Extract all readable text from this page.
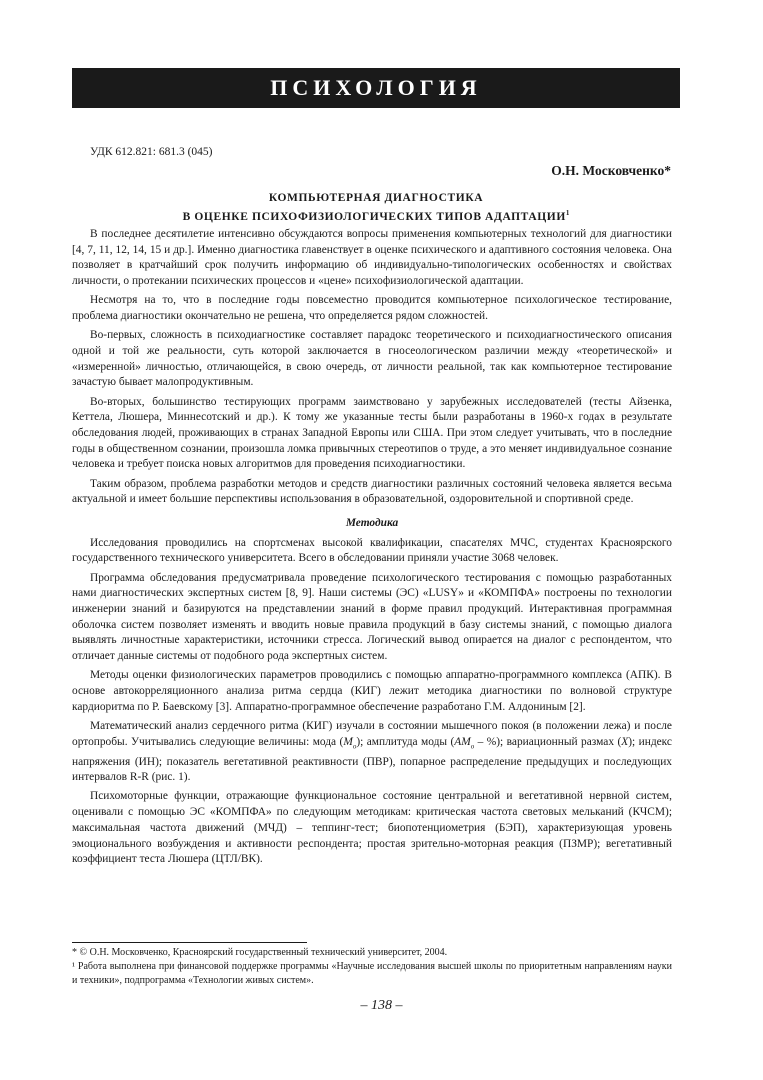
ПСИХОЛОГИЯ
УДК 612.821: 681.3 (045)
О.Н. Московченко*
КОМПЬЮТЕРНАЯ ДИАГНОСТИКА
В ОЦЕНКЕ ПСИХОФИЗИОЛОГИЧЕСКИХ ТИПОВ АДАПТАЦИИ$^1$

В последнее десятилетие интенсивно обсуждаются вопросы применения компьютерных технологий для диагностики [4, 7, 11, 12, 14, 15 и др.]. Именно диагностика главенствует в оценке психического и адаптивного состояния человека. Она позволяет в кратчайший срок получить информацию об индивидуально-типологических особенностях и свойствах личности, о протекании психических процессов и «цене» психофизиологической адаптации.

Несмотря на то, что в последние годы повсеместно проводится компьютерное психологическое тестирование, проблема диагностики окончательно не решена, что определяется рядом сложностей.

Во-первых, сложность в психодиагностике составляет парадокс теоретического и психодиагностического описания одной и той же реальности, суть которой заключается в гносеологическом различии между «теоретической» и «измеренной» личностью, отличающейся, в свою очередь, от личности реальной, так как компьютерное тестирование зачастую бывает малопродуктивным.

Во-вторых, большинство тестирующих программ заимствовано у зарубежных исследователей (тесты Айзенка, Кеттела, Люшера, Миннесотский и др.). К тому же указанные тесты были разработаны в 1960-х годах в результате обследования людей, проживающих в странах Западной Европы или США. При этом следует учитывать, что в последние годы в общественном сознании, произошла ломка привычных стереотипов о труде, а это меняет индивидуальное сознание человека и требует поиска новых алгоритмов для проведения психодиагностики.

Таким образом, проблема разработки методов и средств диагностики различных состояний человека является весьма актуальной и имеет большие перспективы использования в образовательной, оздоровительной и спортивной среде.

Методика

Исследования проводились на спортсменах высокой квалификации, спасателях МЧС, студентах Красноярского государственного технического университета. Всего в обследовании приняли участие 3068 человек.

Программа обследования предусматривала проведение психологического тестирования с помощью разработанных нами диагностических экспертных систем [8, 9]. Наши системы (ЭС) «LUSY» и «КОМПФА» построены по технологии инженерии знаний и базируются на представлении знаний в форме правил продукций. Интерактивная программная оболочка систем позволяет изменять и вводить новые правила продукций в базу системы знаний, с помощью диалога выявлять личностные характеристики, источники стресса. Логический вывод опирается на диалог с респондентом, что отличает данные системы от подобного рода экспертных систем.

Методы оценки физиологических параметров проводились с помощью аппаратно-программного комплекса (АПК). В основе автокорреляционного анализа ритма сердца (КИГ) лежит методика диагностики по волновой структуре кардиоритма по Р. Баевскому [3]. Аппаратно-программное обеспечение разработано Г.М. Алдониным [2].

Математический анализ сердечного ритма (КИГ) изучали в состоянии мышечного покоя (в положении лежа) и после ортопробы. Учитывались следующие величины: мода $(M_o)$; амплитуда моды ($AM_o$ – %); вариационный размах (X); индекс напряжения (ИН); показатель вегетативной реактивности (ПВР), попарное распределение предыдущих и последующих интервалов R-R (рис. 1).

Психомоторные функции, отражающие функциональное состояние центральной и вегетативной нервной систем, оценивали с помощью ЭС «КОМПФА» по следующим методикам: критическая частота световых мельканий (КЧСМ); максимальная частота движений (МЧД) – теппинг-тест; биопотенциометрия (БЭП), характеризующая уровень эмоционального возбуждения и активности респондента; простая зрительно-моторная реакция (ПЗМР); вегетативный коэффициент теста Люшера (ЦТЛ/ВК).

* © О.Н. Московченко, Красноярский государственный технический университет, 2004.

¹ Работа выполнена при финансовой поддержке программы «Научные исследования высшей школы по приоритетным направлениям науки и техники», подпрограмма «Технологии живых систем».

– 138 –
